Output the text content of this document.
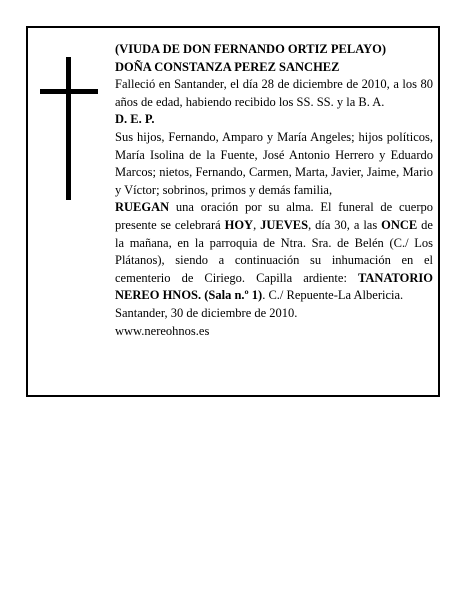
(VIUDA DE DON FERNANDO ORTIZ PELAYO)

DOÑA CONSTANZA PEREZ SANCHEZ

Falleció en Santander, el día 28 de diciembre de 2010, a los 80 años de edad, habiendo recibido los SS. SS. y la B. A.

D. E. P.

Sus hijos, Fernando, Amparo y María Angeles; hijos políticos, María Isolina de la Fuente, José Antonio Herrero y Eduardo Marcos; nietos, Fernando, Carmen, Marta, Javier, Jaime, Mario y Víctor; sobrinos, primos y demás familia,

RUEGAN una oración por su alma. El funeral de cuerpo presente se celebrará HOY, JUEVES, día 30, a las ONCE de la mañana, en la parroquia de Ntra. Sra. de Belén (C./ Los Plátanos), siendo a continuación su inhumación en el cementerio de Ciriego. Capilla ardiente: TANATORIO NEREO HNOS. (Sala n.º 1). C./ Repuente-La Albericia.

Santander, 30 de diciembre de 2010.

www.nereohnos.es
